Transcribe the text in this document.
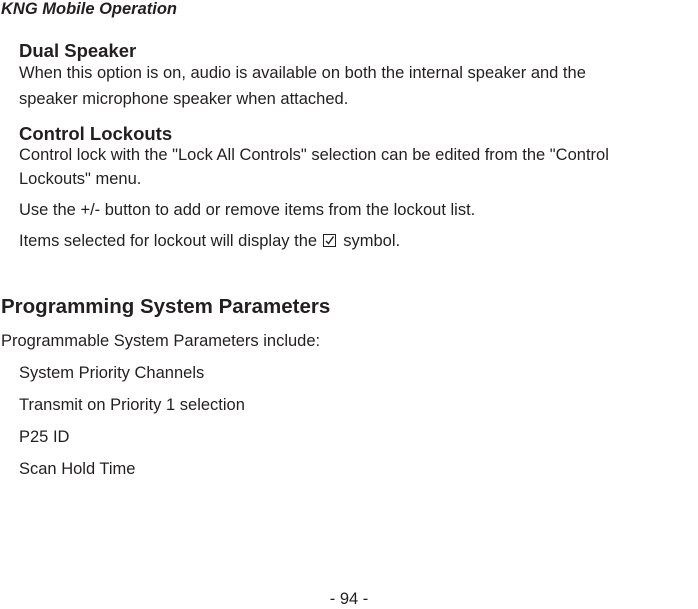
KNG Mobile Operation
Dual Speaker
When this option is on, audio is available on both the internal speaker and the
speaker microphone speaker when attached.
Control Lockouts
Control lock with the "Lock All Controls" selection can be edited from the "Control
Lockouts" menu.
Use the +/- button to add or remove items from the lockout list.
Items selected for lockout will display the symbol.
Programming System Parameters
Programmable System Parameters include:
System Priority Channels
Transmit on Priority 1 selection
P25 ID
Scan Hold Time
- 94 -
